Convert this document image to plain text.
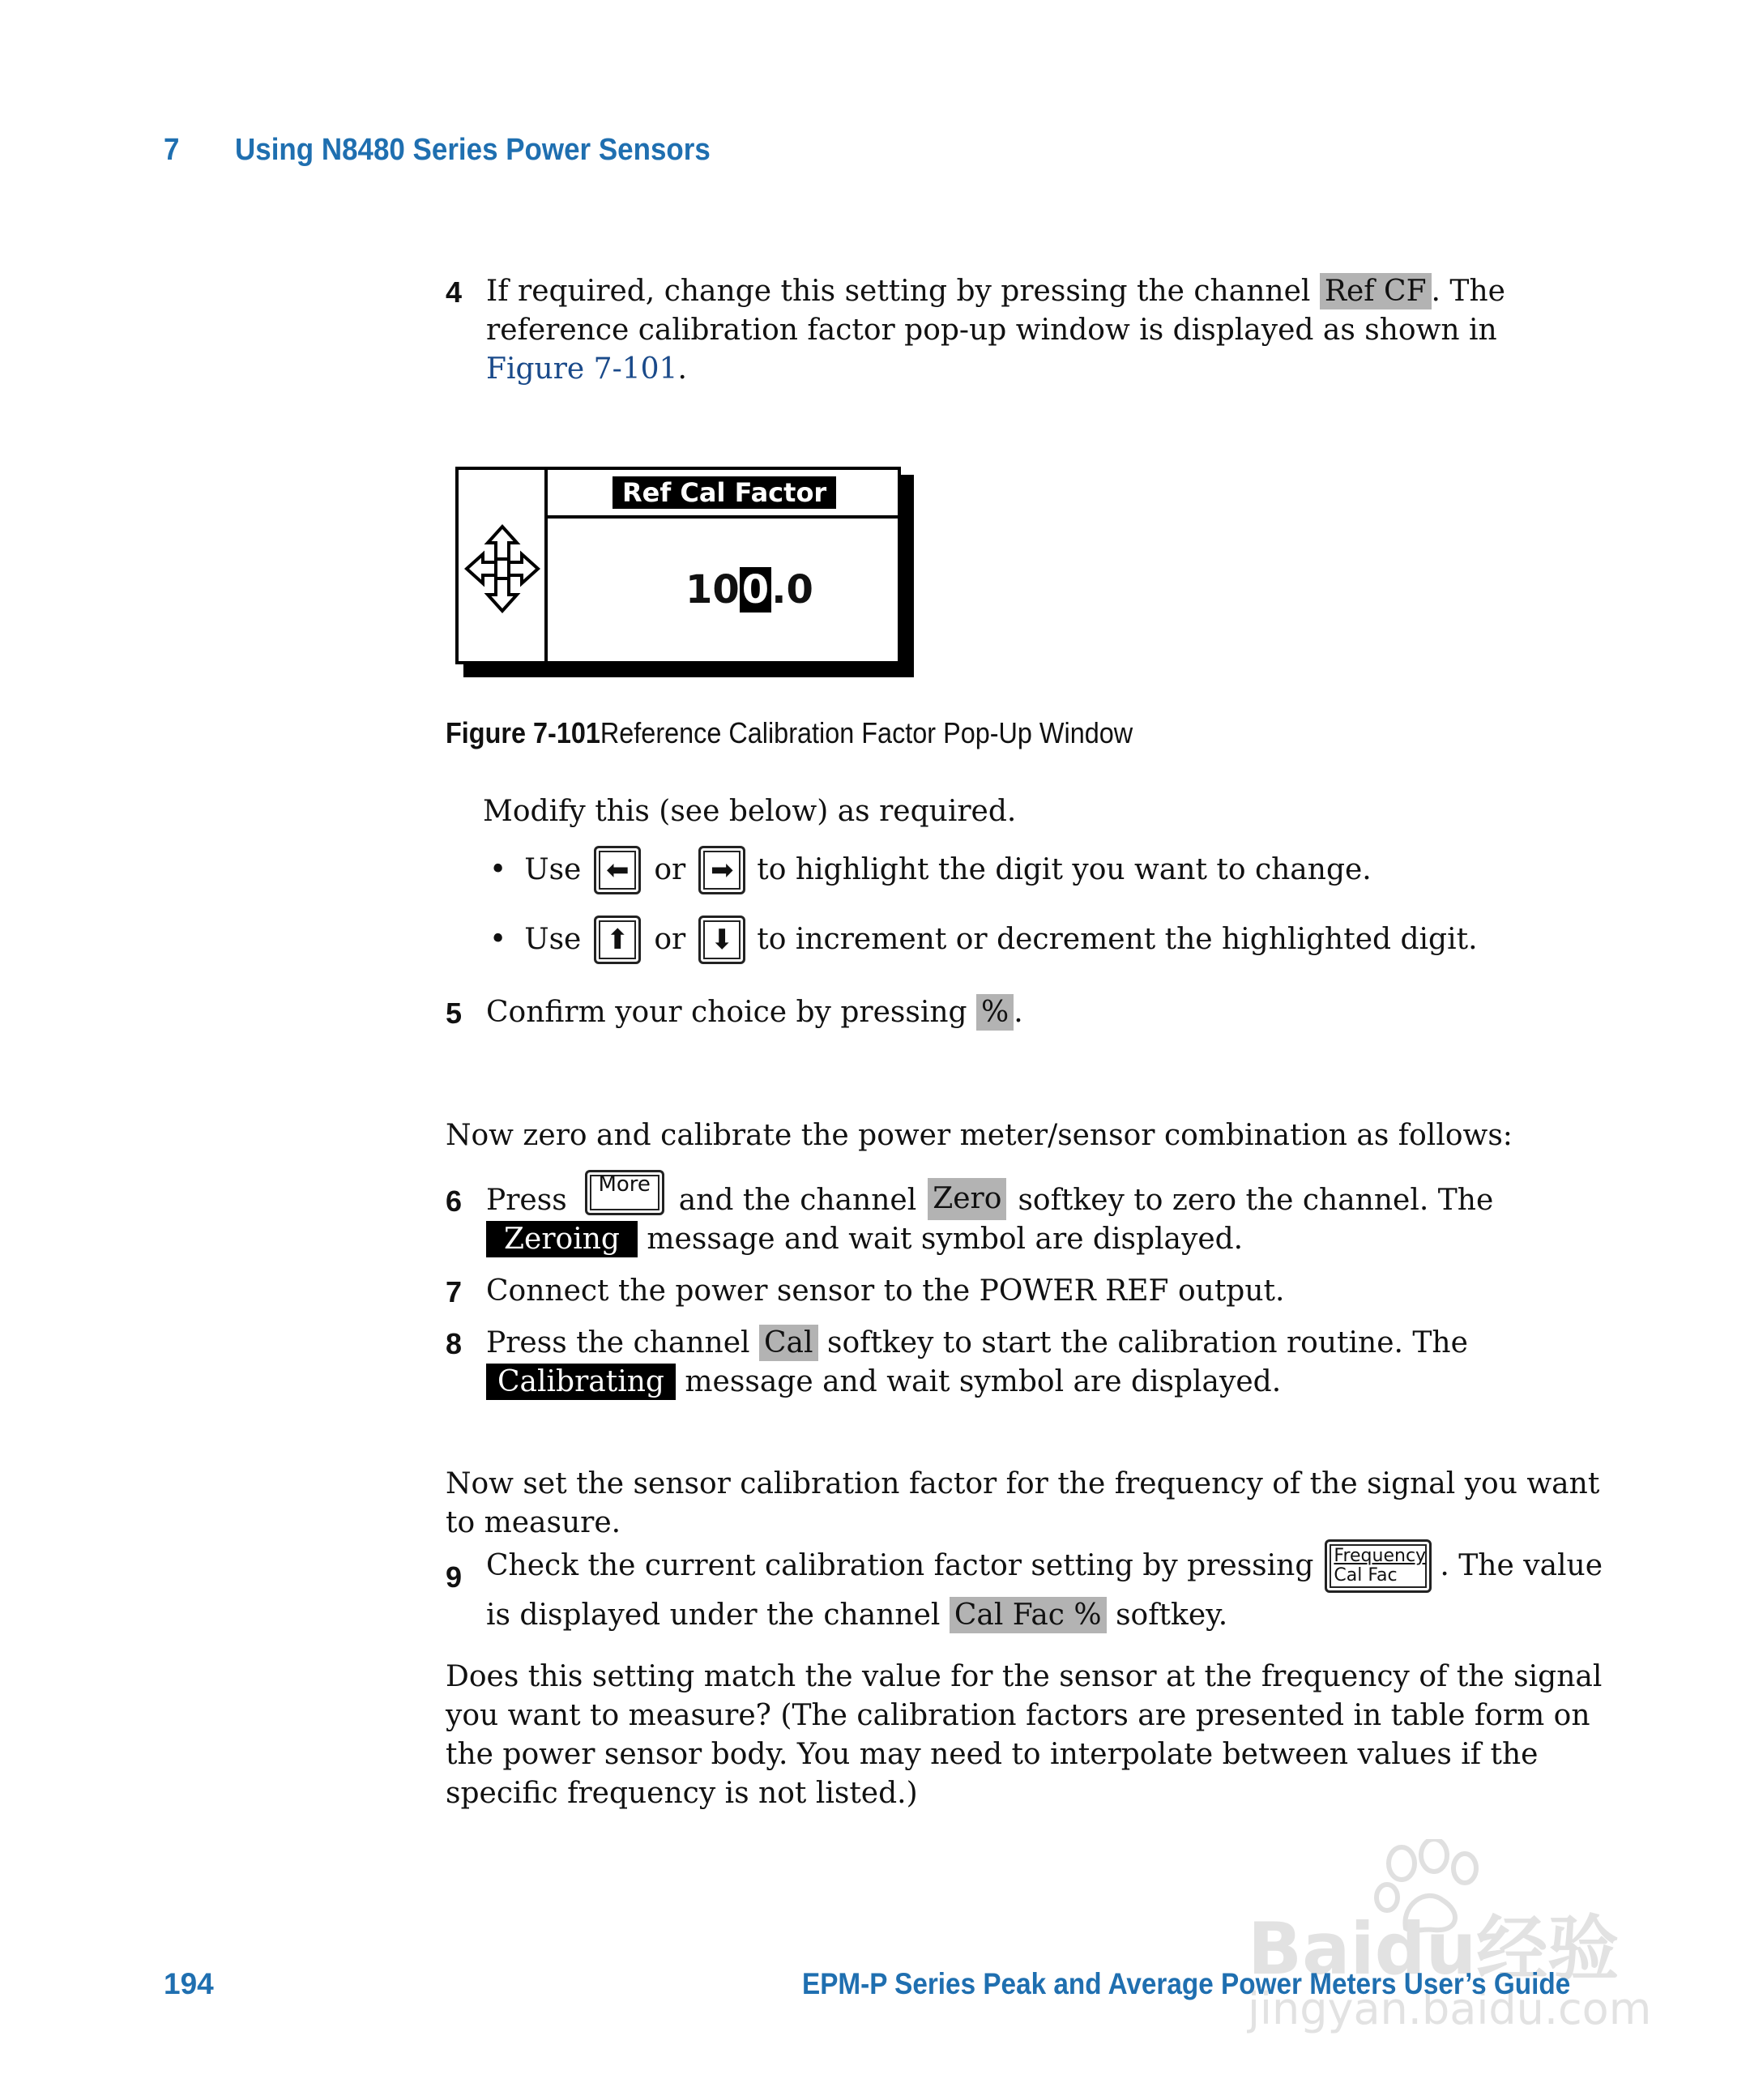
7 Using N8480 Series Power Sensors
4 If required, change this setting by pressing the channel Ref CF . The
reference calibration factor pop-up window is displayed as shown in
Figure 7-101.
Ref Cal Factor
100.0
Figure 7-101Reference Calibration Factor Pop-Up Window
Modify this (see below) as required.
• Use ⬅ or ➡ to highlight the digit you want to change.
• Use ⬆ or ⬇ to increment or decrement the highlighted digit.
5 Confirm your choice by pressing % .
Now zero and calibrate the power meter/sensor combination as follows:
6 Press	More and the channel Zero softkey to zero the channel. The
Zeroing message and wait symbol are displayed.
7 Connect the power sensor to the POWER REF output.
8 Press the channel Cal softkey to start the calibration routine. The
Calibrating message and wait symbol are displayed.
Now set the sensor calibration factor for the frequency of the signal you want
to measure.
9 Check the current calibration factor setting by pressing Frequency
Cal Fac	. The value
is displayed under the channel Cal Fac % softkey.
Does this setting match the value for the sensor at the frequency of the signal
you want to measure? (The calibration factors are presented in table form on
the power sensor body. You may need to interpolate between values if the
specific frequency is not listed.)
Baidu经验
jingyan.baidu.com
194	EPM-P Series Peak and Average Power Meters User’s Guide
